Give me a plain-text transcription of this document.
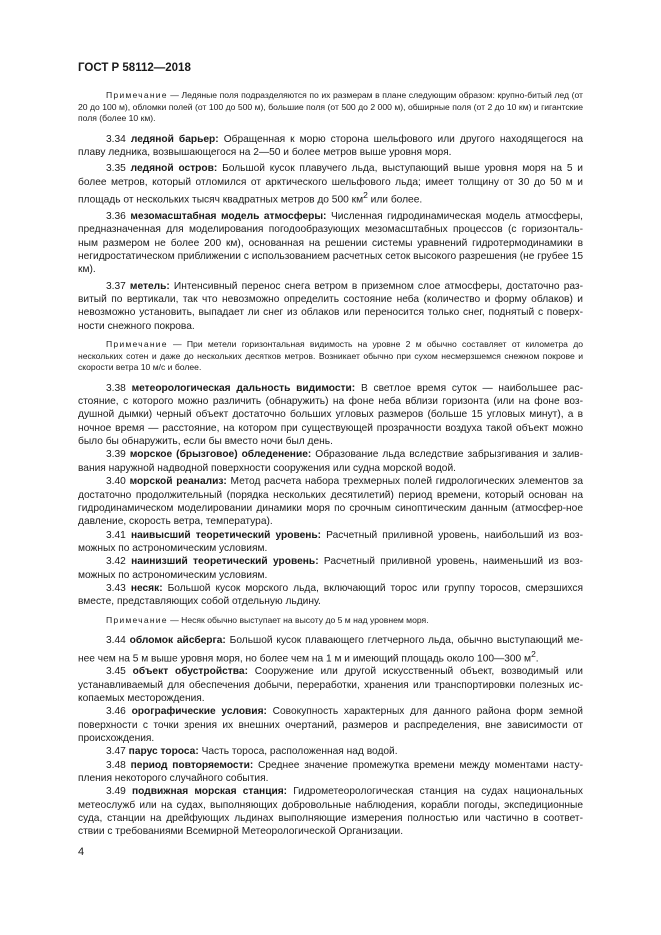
ГОСТ Р 58112—2018

Примечание — Ледяные поля подразделяются по их размерам в плане следующим образом: крупно-битый лед (от 20 до 100 м), обломки полей (от 100 до 500 м), большие поля (от 500 до 2 000 м), обширные поля (от 2 до 10 км) и гигантские поля (более 10 км).

3.34 ледяной барьер: Обращенная к морю сторона шельфового или другого находящегося на плаву ледника, возвышающегося на 2—50 и более метров выше уровня моря.

3.35 ледяной остров: Большой кусок плавучего льда, выступающий выше уровня моря на 5 и более метров, который отломился от арктического шельфового льда; имеет толщину от 30 до 50 м и площадь от нескольких тысяч квадратных метров до 500 $км^2$ или более.

3.36 мезомасштабная модель атмосферы: Численная гидродинамическая модель атмосферы, предназначенная для моделирования погодообразующих мезомасштабных процессов (с горизонталь-ным размером не более 200 км), основанная на решении системы уравнений гидротермодинамики в негидростатическом приближении с использованием расчетных сеток высокого разрешения (не грубее 15 км).

3.37 метель: Интенсивный перенос снега ветром в приземном слое атмосферы, достаточно раз-витый по вертикали, так что невозможно определить состояние неба (количество и форму облаков) и невозможно установить, выпадает ли снег из облаков или переносится только снег, поднятый с поверх-ности снежного покрова.

Примечание — При метели горизонтальная видимость на уровне 2 м обычно составляет от километра до нескольких сотен и даже до нескольких десятков метров. Возникает обычно при сухом несмерзшемся снежном покрове и скорости ветра 10 м/с и более.

3.38 метеорологическая дальность видимости: В светлое время суток — наибольшее рас-стояние, с которого можно различить (обнаружить) на фоне неба вблизи горизонта (или на фоне воз-душной дымки) черный объект достаточно больших угловых размеров (больше 15 угловых минут), а в ночное время — расстояние, на котором при существующей прозрачности воздуха такой объект можно было бы обнаружить, если бы вместо ночи был день.

3.39 морское (брызговое) обледенение: Образование льда вследствие забрызгивания и залив-вания наружной надводной поверхности сооружения или судна морской водой.

3.40 морской реанализ: Метод расчета набора трехмерных полей гидрологических элементов за достаточно продолжительный (порядка нескольких десятилетий) период времени, который основан на гидродинамическом моделировании динамики моря по срочным синоптическим данным (атмосфер-ное давление, скорость ветра, температура).

3.41 наивысший теоретический уровень: Расчетный приливной уровень, наибольший из воз-можных по астрономическим условиям.

3.42 наинизший теоретический уровень: Расчетный приливной уровень, наименьший из воз-можных по астрономическим условиям.

3.43 несяк: Большой кусок морского льда, включающий торос или группу торосов, смерзшихся вместе, представляющих собой отдельную льдину.

Примечание — Несяк обычно выступает на высоту до 5 м над уровнем моря.

3.44 обломок айсберга: Большой кусок плавающего глетчерного льда, обычно выступающий ме-нее чем на 5 м выше уровня моря, но более чем на 1 м и имеющий площадь около 100—300 $м^2$.

3.45 объект обустройства: Сооружение или другой искусственный объект, возводимый или устанавливаемый для обеспечения добычи, переработки, хранения или транспортировки полезных ис-копаемых месторождения.

3.46 орографические условия: Совокупность характерных для данного района форм земной поверхности с точки зрения их внешних очертаний, размеров и распределения, вне зависимости от происхождения.

3.47 парус тороса: Часть тороса, расположенная над водой.

3.48 период повторяемости: Среднее значение промежутка времени между моментами насту-пления некоторого случайного события.

3.49 подвижная морская станция: Гидрометеорологическая станция на судах национальных метеослужб или на судах, выполняющих добровольные наблюдения, корабли погоды, экспедиционные суда, станции на дрейфующих льдинах выполняющие измерения полностью или частично в соответ-ствии с требованиями Всемирной Метеорологической Организации.

4
